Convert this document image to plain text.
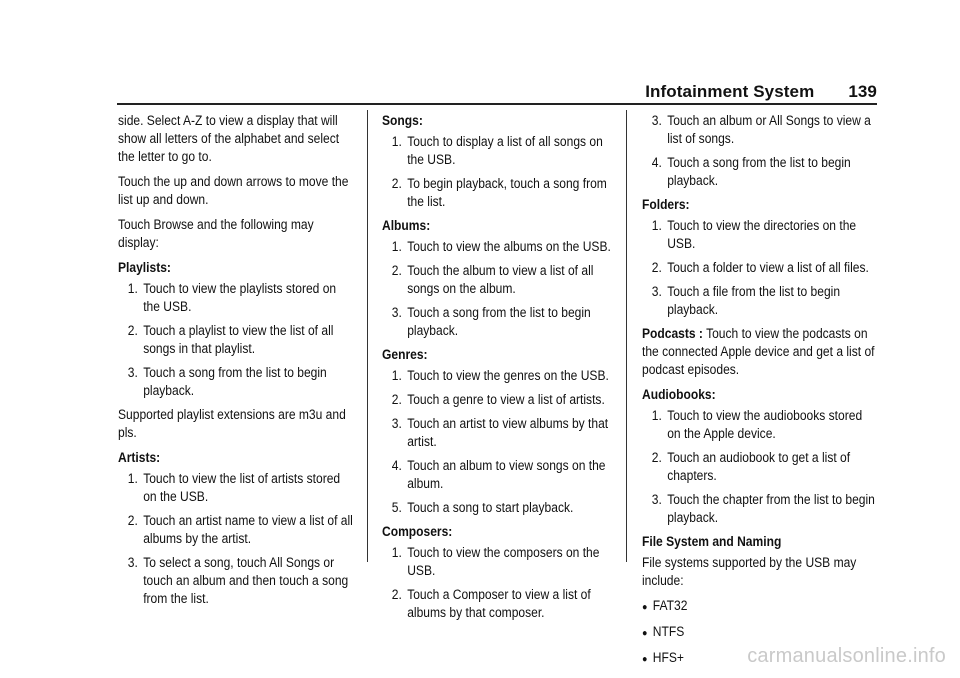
Infotainment System 139

side. Select A-Z to view a display that will show all letters of the alphabet and select the letter to go to.

Touch the up and down arrows to move the list up and down.

Touch Browse and the following may display:

Playlists:
1. Touch to view the playlists stored on the USB.
2. Touch a playlist to view the list of all songs in that playlist.
3. Touch a song from the list to begin playback.

Supported playlist extensions are m3u and pls.

Artists:
1. Touch to view the list of artists stored on the USB.
2. Touch an artist name to view a list of all albums by the artist.
3. To select a song, touch All Songs or touch an album and then touch a song from the list.
Songs:
1. Touch to display a list of all songs on the USB.
2. To begin playback, touch a song from the list.
Albums:
1. Touch to view the albums on the USB.
2. Touch the album to view a list of all songs on the album.
3. Touch a song from the list to begin playback.
Genres:
1. Touch to view the genres on the USB.
2. Touch a genre to view a list of artists.
3. Touch an artist to view albums by that artist.
4. Touch an album to view songs on the album.
5. Touch a song to start playback.
Composers:
1. Touch to view the composers on the USB.
2. Touch a Composer to view a list of albums by that composer.
3. Touch an album or All Songs to view a list of songs.
4. Touch a song from the list to begin playback.
Folders:
1. Touch to view the directories on the USB.
2. Touch a folder to view a list of all files.
3. Touch a file from the list to begin playback.

Podcasts : Touch to view the podcasts on the connected Apple device and get a list of podcast episodes.

Audiobooks:
1. Touch to view the audiobooks stored on the Apple device.
2. Touch an audiobook to get a list of chapters.
3. Touch the chapter from the list to begin playback.
File System and Naming

File systems supported by the USB may include:

● FAT32
● NTFS
● HFS+	carmanualsonline.info
